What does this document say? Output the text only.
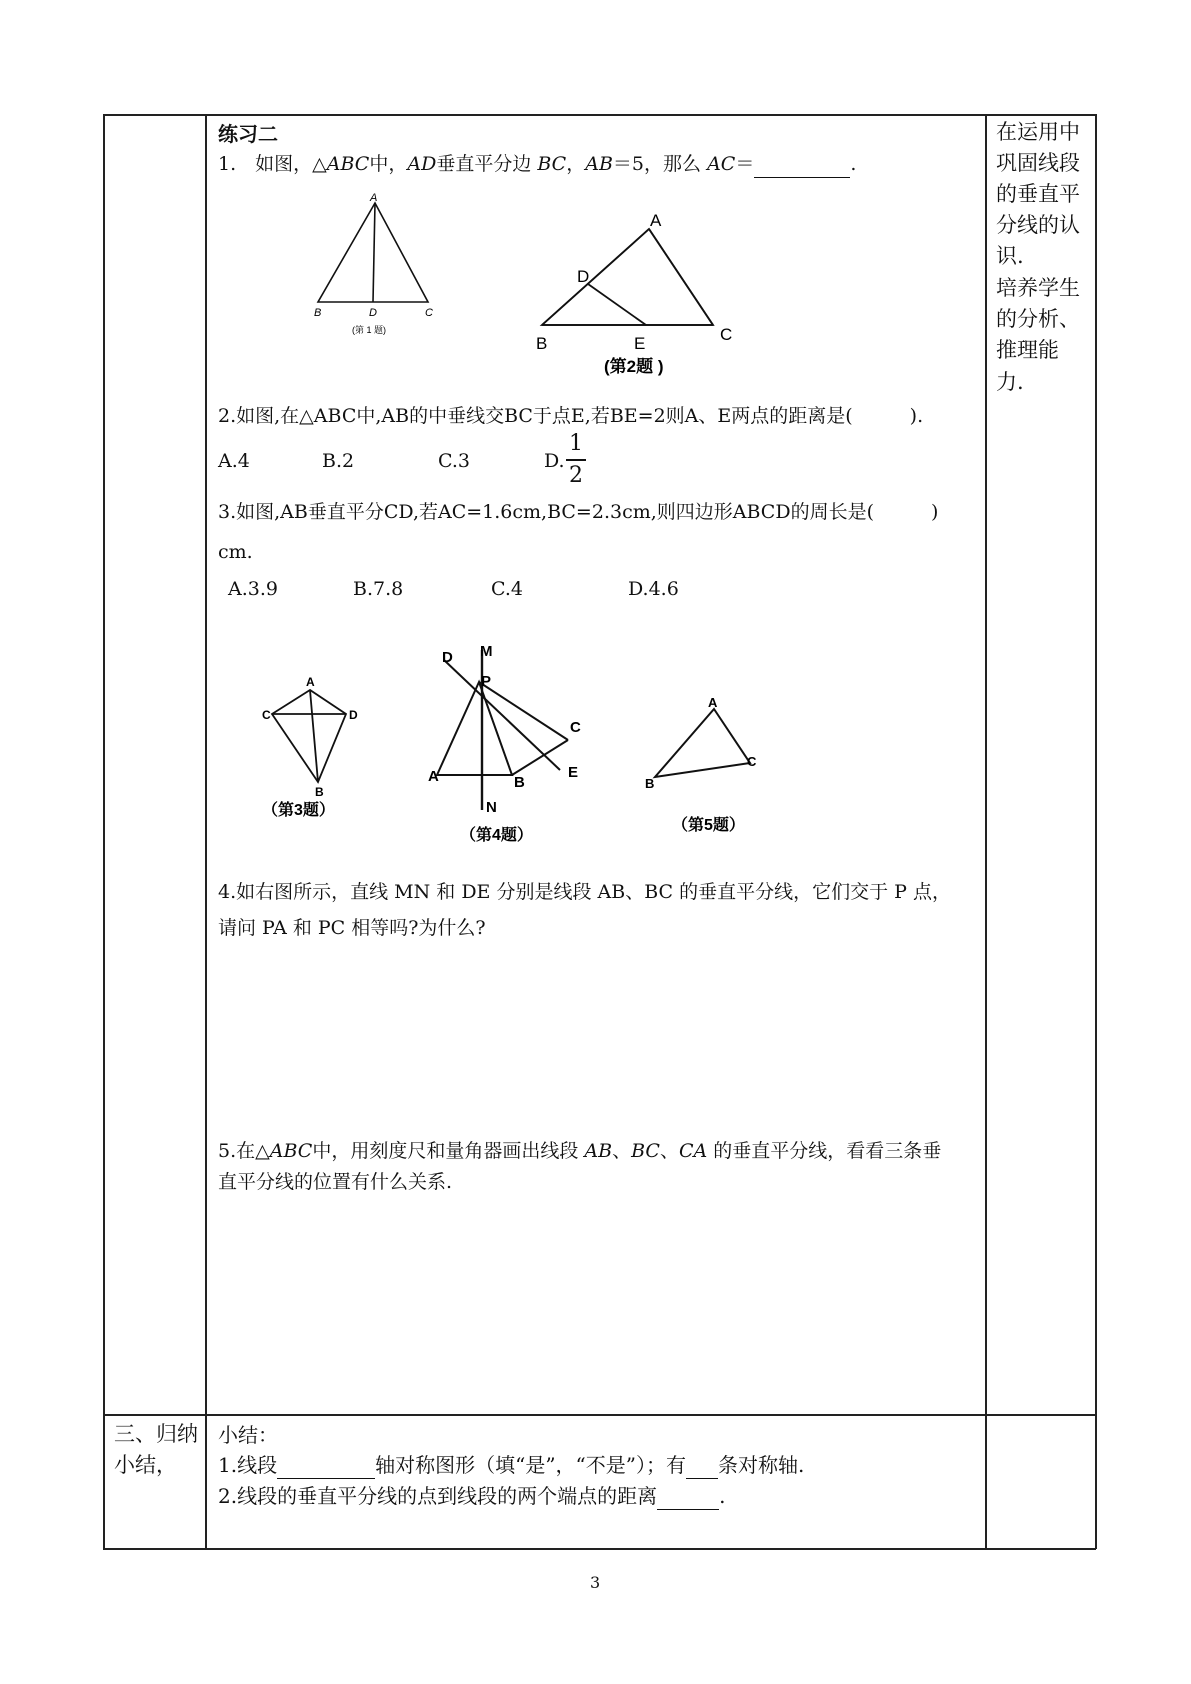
练习二
1.　如图，△ABC中，AD垂直平分边 BC，AB＝5，那么 AC＝	.
A
B	D	C
(第 1 题)
A
D
B	E	C
(第2题 )
2.如图,在△ABC中,AB的中垂线交BC于点E,若BE=2则A、E两点的距离是(　　　).
A.4	B.2	C.3	D.
1
2
3.如图,AB垂直平分CD,若AC=1.6cm,BC=2.3cm,则四边形ABCD的周长是(　　　)
cm.
A.3.9	B.7.8	C.4	D.4.6
A
C	D
B
（第3题）
D M
P
C
E
A	B
N
（第4题）
A
C
B
（第5题）
4.如右图所示，直线 MN 和 DE 分别是线段 AB、BC 的垂直平分线，它们交于 P 点，
请问 PA 和 PC 相等吗?为什么?
5.在△ABC中，用刻度尺和量角器画出线段 AB、BC、CA 的垂直平分线，看看三条垂
直平分线的位置有什么关系.
在运用中
巩固线段
的垂直平
分线的认
识.
培养学生
的分析、
推理能
力.
三、归纳
小结，
小结：
1.线段	轴对称图形（填“是”，“不是”）；有 条对称轴.
2.线段的垂直平分线的点到线段的两个端点的距离	.
3
